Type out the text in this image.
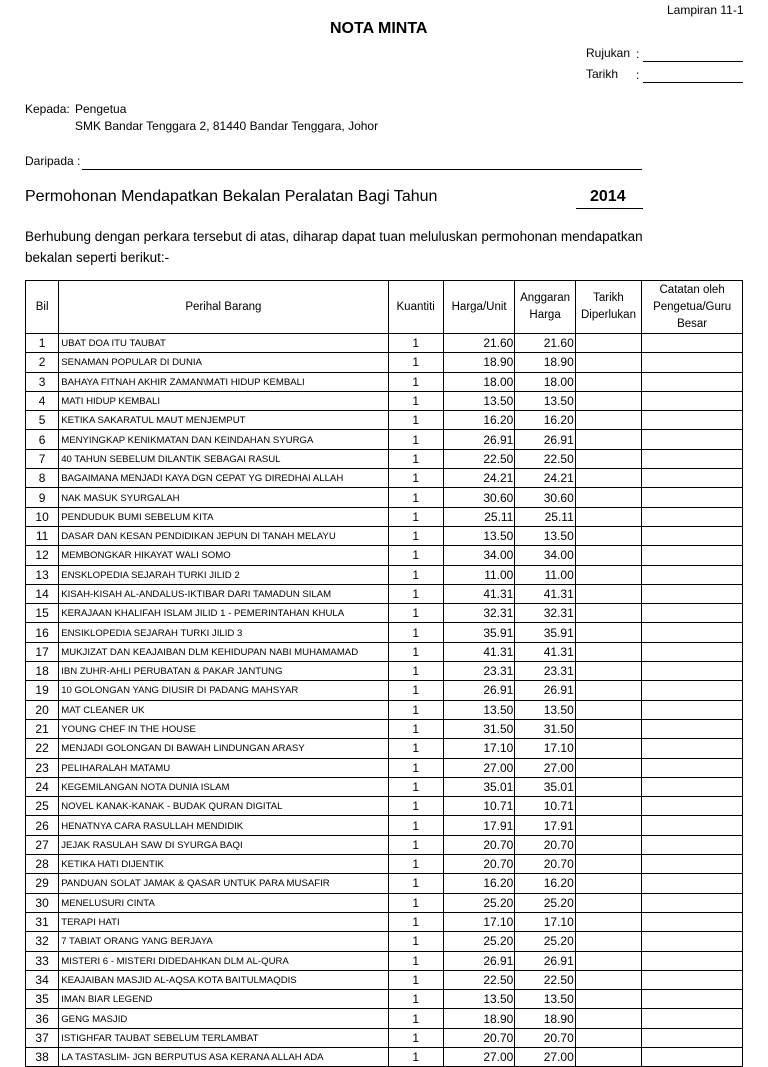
Lampiran 11-1
NOTA MINTA
Rujukan :
Tarikh :
Kepada: Pengetua
SMK Bandar Tenggara 2, 81440 Bandar Tenggara, Johor
Daripada :
Permohonan Mendapatkan Bekalan Peralatan Bagi Tahun	2014
Berhubung dengan perkara tersebut di atas, diharap dapat tuan meluluskan permohonan mendapatkan bekalan seperti berikut:-
Bil	Perihal Barang	Kuantiti	Harga/Unit	Anggaran Harga	Tarikh Diperlukan	Catatan oleh Pengetua/Guru Besar
1	UBAT DOA ITU TAUBAT	1	21.60	21.60		
2	SENAMAN POPULAR DI DUNIA	1	18.90	18.90		
3	BAHAYA FITNAH AKHIR ZAMAN\MATI HIDUP KEMBALI	1	18.00	18.00		
4	MATI HIDUP KEMBALI	1	13.50	13.50		
5	KETIKA SAKARATUL MAUT MENJEMPUT	1	16.20	16.20		
6	MENYINGKAP KENIKMATAN DAN KEINDAHAN SYURGA	1	26.91	26.91		
7	40 TAHUN SEBELUM DILANTIK SEBAGAI RASUL	1	22.50	22.50		
8	BAGAIMANA MENJADI KAYA DGN CEPAT YG DIREDHAI ALLAH	1	24.21	24.21		
9	NAK MASUK SYURGALAH	1	30.60	30.60		
10	PENDUDUK BUMI SEBELUM KITA	1	25.11	25.11		
11	DASAR DAN KESAN PENDIDIKAN JEPUN DI TANAH MELAYU	1	13.50	13.50		
12	MEMBONGKAR HIKAYAT WALI SOMO	1	34.00	34.00		
13	ENSKLOPEDIA SEJARAH TURKI JILID 2	1	11.00	11.00		
14	KISAH-KISAH AL-ANDALUS-IKTIBAR DARI TAMADUN SILAM	1	41.31	41.31		
15	KERAJAAN KHALIFAH ISLAM JILID 1 - PEMERINTAHAN KHULA	1	32.31	32.31		
16	ENSIKLOPEDIA SEJARAH TURKI JILID 3	1	35.91	35.91		
17	MUKJIZAT DAN KEAJAIBAN DLM KEHIDUPAN NABI MUHAMAMAD	1	41.31	41.31		
18	IBN ZUHR-AHLI PERUBATAN & PAKAR JANTUNG	1	23.31	23.31		
19	10 GOLONGAN YANG DIUSIR DI PADANG MAHSYAR	1	26.91	26.91		
20	MAT CLEANER UK	1	13.50	13.50		
21	YOUNG CHEF IN THE HOUSE	1	31.50	31.50		
22	MENJADI GOLONGAN DI BAWAH LINDUNGAN ARASY	1	17.10	17.10		
23	PELIHARALAH MATAMU	1	27.00	27.00		
24	KEGEMILANGAN NOTA DUNIA ISLAM	1	35.01	35.01		
25	NOVEL KANAK-KANAK - BUDAK QURAN DIGITAL	1	10.71	10.71		
26	HENATNYA CARA RASULLAH MENDIDIK	1	17.91	17.91		
27	JEJAK RASULAH SAW DI SYURGA BAQI	1	20.70	20.70		
28	KETIKA HATI DIJENTIK	1	20.70	20.70		
29	PANDUAN SOLAT JAMAK & QASAR UNTUK PARA MUSAFIR	1	16.20	16.20		
30	MENELUSURI CINTA	1	25.20	25.20		
31	TERAPI HATI	1	17.10	17.10		
32	7 TABIAT ORANG YANG BERJAYA	1	25.20	25.20		
33	MISTERI 6 - MISTERI DIDEDAHKAN DLM AL-QURA	1	26.91	26.91		
34	KEAJAIBAN MASJID AL-AQSA KOTA BAITULMAQDIS	1	22.50	22.50		
35	IMAN BIAR LEGEND	1	13.50	13.50		
36	GENG MASJID	1	18.90	18.90		
37	ISTIGHFAR TAUBAT SEBELUM TERLAMBAT	1	20.70	20.70		
38	LA TASTASLIM- JGN BERPUTUS ASA KERANA ALLAH ADA	1	27.00	27.00		
